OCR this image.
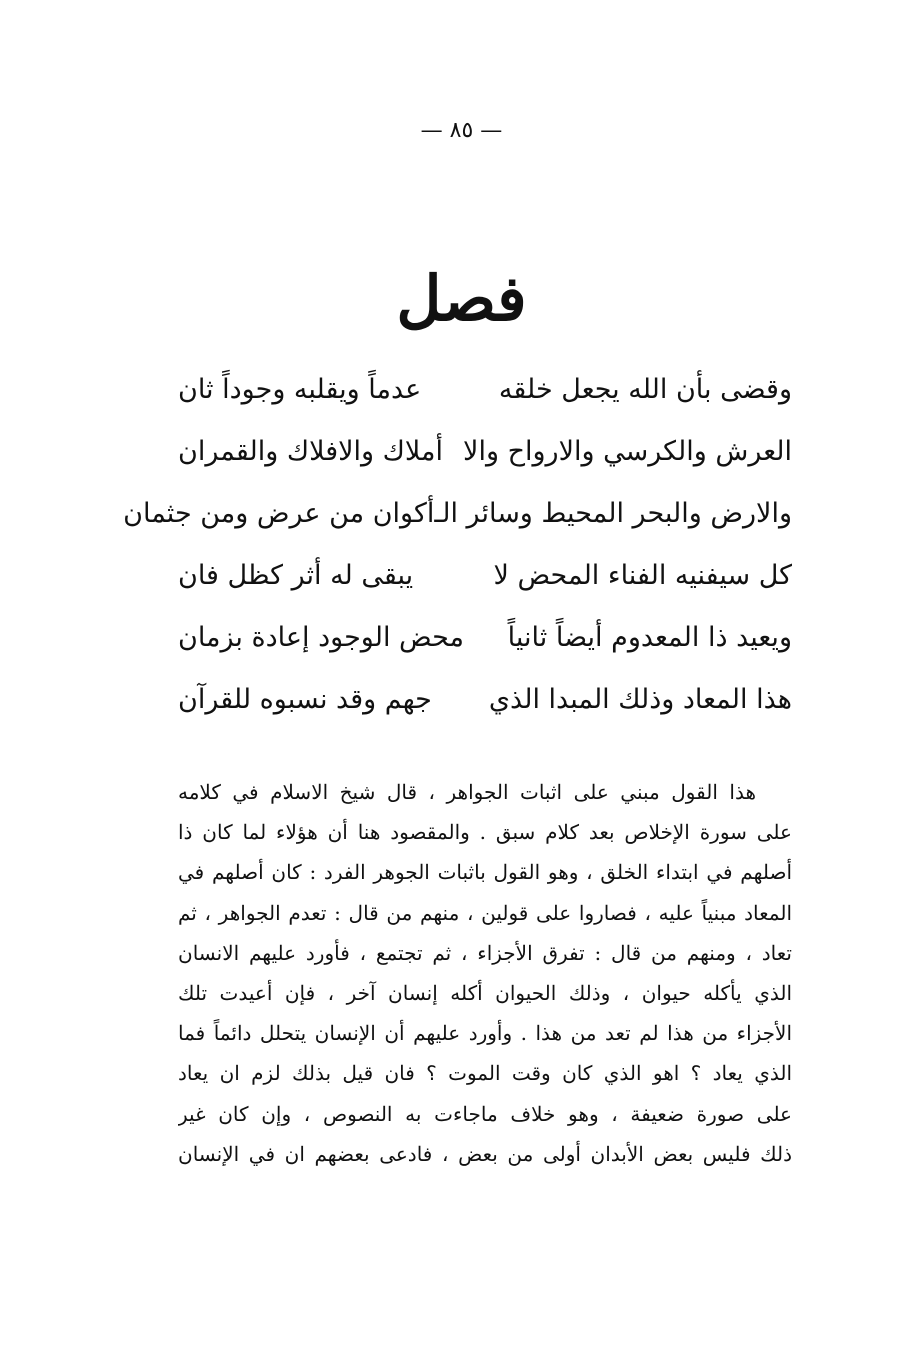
— ٨٥ —
فصل
وقضى بأن الله يجعل خلقه
عدماً ويقلبه وجوداً ثان
العرش والكرسي والارواح والا
أملاك والافلاك والقمران
والارض والبحر المحيط وسائر الـ
أكوان من عرض ومن جثمان
كل سيفنيه الفناء المحض لا
يبقى له أثر كظل فان
ويعيد ذا المعدوم أيضاً ثانياً
محض الوجود إعادة بزمان
هذا المعاد وذلك المبدا الذي
جهم وقد نسبوه للقرآن
هذا القول مبني على اثبات الجواهر ، قال شيخ الاسلام في كلامه
على سورة الإخلاص بعد كلام سبق . والمقصود هنا أن هؤلاء لما كان ذا
أصلهم في ابتداء الخلق ، وهو القول باثبات الجوهر الفرد : كان أصلهم في
المعاد مبنياً عليه ، فصاروا على قولين ، منهم من قال : تعدم الجواهر ، ثم
تعاد ، ومنهم من قال : تفرق الأجزاء ، ثم تجتمع ، فأورد عليهم الانسان
الذي يأكله حيوان ، وذلك الحيوان أكله إنسان آخر ، فإن أعيدت تلك
الأجزاء من هذا لم تعد من هذا . وأورد عليهم أن الإنسان يتحلل دائماً فما
الذي يعاد ؟ اهو الذي كان وقت الموت ؟ فان قيل بذلك لزم ان يعاد
على صورة ضعيفة ، وهو خلاف ماجاءت به النصوص ، وإن كان غير
ذلك فليس بعض الأبدان أولى من بعض ، فادعى بعضهم ان في الإنسان
